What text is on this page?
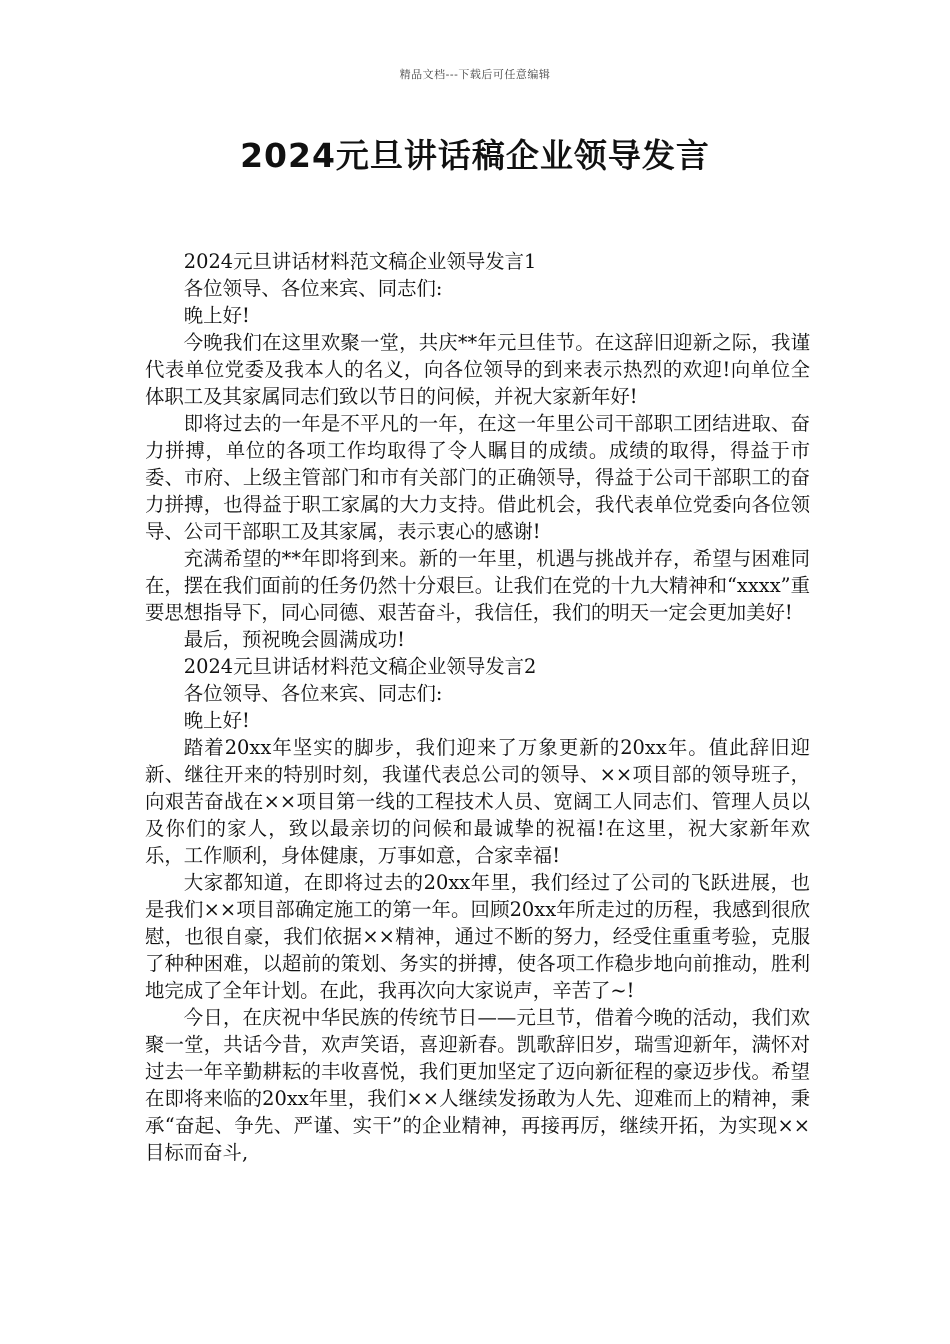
精品文档---下载后可任意编辑
2024元旦讲话稿企业领导发言

2024元旦讲话材料范文稿企业领导发言1

各位领导、各位来宾、同志们:

晚上好!

今晚我们在这里欢聚一堂，共庆**年元旦佳节。在这辞旧迎新之际，我谨代表单位党委及我本人的名义，向各位领导的到来表示热烈的欢迎!向单位全体职工及其家属同志们致以节日的问候，并祝大家新年好!

即将过去的一年是不平凡的一年，在这一年里公司干部职工团结进取、奋力拼搏，单位的各项工作均取得了令人瞩目的成绩。成绩的取得，得益于市委、市府、上级主管部门和市有关部门的正确领导，得益于公司干部职工的奋力拼搏，也得益于职工家属的大力支持。借此机会，我代表单位党委向各位领导、公司干部职工及其家属，表示衷心的感谢!

充满希望的**年即将到来。新的一年里，机遇与挑战并存，希望与困难同在，摆在我们面前的任务仍然十分艰巨。让我们在党的十九大精神和“xxxx”重要思想指导下，同心同德、艰苦奋斗，我信任，我们的明天一定会更加美好!

最后，预祝晚会圆满成功!

2024元旦讲话材料范文稿企业领导发言2

各位领导、各位来宾、同志们:

晚上好!

踏着20xx年坚实的脚步，我们迎来了万象更新的20xx年。值此辞旧迎新、继往开来的特别时刻，我谨代表总公司的领导、××项目部的领导班子，向艰苦奋战在××项目第一线的工程技术人员、宽阔工人同志们、管理人员以及你们的家人，致以最亲切的问候和最诚挚的祝福!在这里，祝大家新年欢乐，工作顺利，身体健康，万事如意，合家幸福!

大家都知道，在即将过去的20xx年里，我们经过了公司的飞跃进展，也是我们××项目部确定施工的第一年。回顾20xx年所走过的历程，我感到很欣慰，也很自豪，我们依据××精神，通过不断的努力，经受住重重考验，克服了种种困难，以超前的策划、务实的拼搏，使各项工作稳步地向前推动，胜利地完成了全年计划。在此，我再次向大家说声，辛苦了~!

今日，在庆祝中华民族的传统节日——元旦节，借着今晚的活动，我们欢聚一堂，共话今昔，欢声笑语，喜迎新春。凯歌辞旧岁，瑞雪迎新年，满怀对过去一年辛勤耕耘的丰收喜悦，我们更加坚定了迈向新征程的豪迈步伐。希望在即将来临的20xx年里，我们××人继续发扬敢为人先、迎难而上的精神，秉承“奋起、争先、严谨、实干”的企业精神，再接再厉，继续开拓，为实现××目标而奋斗,
